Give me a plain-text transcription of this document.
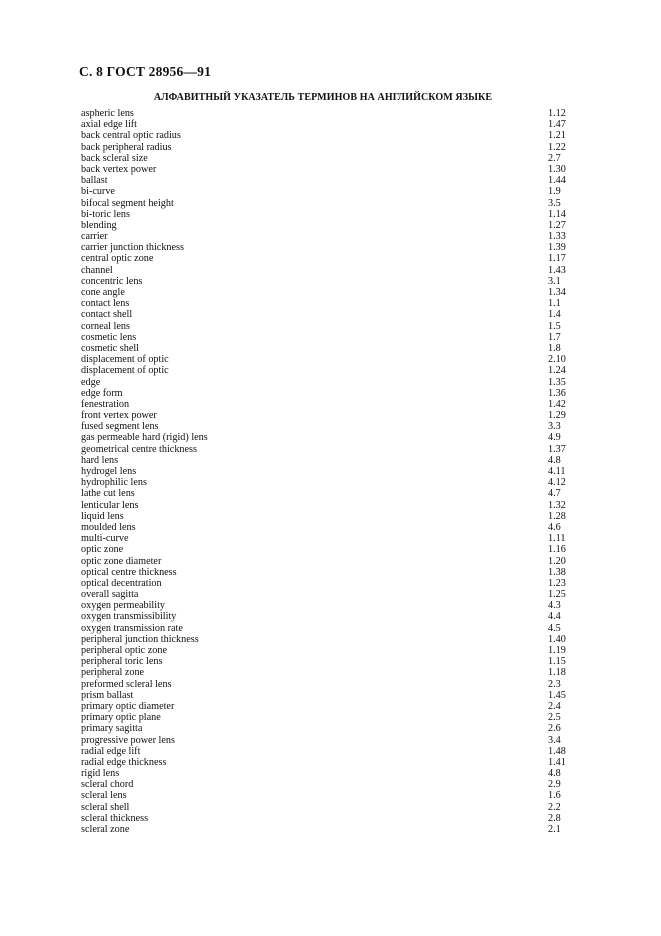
С. 8 ГОСТ 28956—91
АЛФАВИТНЫЙ УКАЗАТЕЛЬ ТЕРМИНОВ НА АНГЛИЙСКОМ ЯЗЫКЕ
aspheric lens	1.12
axial edge lift	1.47
back central optic radius	1.21
back peripheral radius	1.22
back scleral size	2.7
back vertex power	1.30
ballast	1.44
bi-curve	1.9
bifocal segment height	3.5
bi-toric lens	1.14
blending	1.27
carrier	1.33
carrier junction thickness	1.39
central optic zone	1.17
channel	1.43
concentric lens	3.1
cone angle	1.34
contact lens	1.1
contact shell	1.4
corneal lens	1.5
cosmetic lens	1.7
cosmetic shell	1.8
displacement of optic	2.10
displacement of optic	1.24
edge	1.35
edge form	1.36
fenestration	1.42
front vertex power	1.29
fused segment lens	3.3
gas permeable hard (rigid) lens	4.9
geometrical centre thickness	1.37
hard lens	4.8
hydrogel lens	4.11
hydrophilic lens	4.12
lathe cut lens	4.7
lenticular lens	1.32
liquid lens	1.28
moulded lens	4.6
multi-curve	1.11
optic zone	1.16
optic zone diameter	1.20
optical centre thickness	1.38
optical decentration	1.23
overall sagitta	1.25
oxygen permeability	4.3
oxygen transmissibility	4.4
oxygen transmission rate	4.5
peripheral junction thickness	1.40
peripheral optic zone	1.19
peripheral toric lens	1.15
peripheral zone	1.18
preformed scleral lens	2.3
prism ballast	1.45
primary optic diameter	2.4
primary optic plane	2.5
primary sagitta	2.6
progressive power lens	3.4
radial edge lift	1.48
radial edge thickness	1.41
rigid lens	4.8
scleral chord	2.9
scleral lens	1.6
scleral shell	2.2
scleral thickness	2.8
scleral zone	2.1
